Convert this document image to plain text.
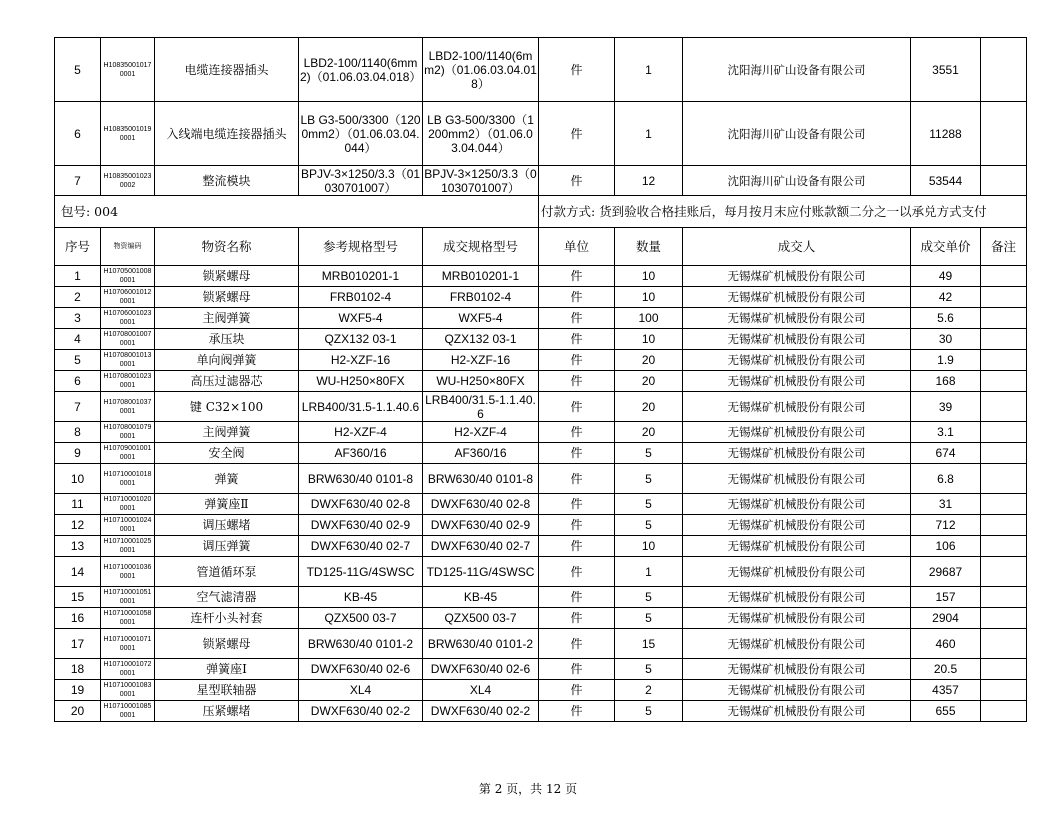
5	H108350010170001	电缆连接器插头	LBD2-100/1140(6mm2)（01.06.03.04.018）	LBD2-100/1140(6mm2)（01.06.03.04.018）	件	1	沈阳海川矿山设备有限公司	3551	
6	H108350010190001	入线端电缆连接器插头	LB G3-500/3300（1200mm2）（01.06.03.04.044）	LB G3-500/3300（1200mm2）（01.06.03.04.044）	件	1	沈阳海川矿山设备有限公司	11288	
7	H108350010230002	整流模块	BPJV-3×1250/3.3（01030701007）	BPJV-3×1250/3.3（01030701007）	件	12	沈阳海川矿山设备有限公司	53544	
包号: 004					付款方式: 货到验收合格挂账后，每月按月末应付账款额二分之一以承兑方式支付				
序号	物资编码	物资名称	参考规格型号	成交规格型号	单位	数量	成交人	成交单价	备注
1	H107050010080001	锁紧螺母	MRB010201-1	MRB010201-1	件	10	无锡煤矿机械股份有限公司	49	
2	H107060010120001	锁紧螺母	FRB0102-4	FRB0102-4	件	10	无锡煤矿机械股份有限公司	42	
3	H107060010230001	主阀弹簧	WXF5-4	WXF5-4	件	100	无锡煤矿机械股份有限公司	5.6	
4	H107080010070001	承压块	QZX132 03-1	QZX132 03-1	件	10	无锡煤矿机械股份有限公司	30	
5	H107080010130001	单向阀弹簧	H2-XZF-16	H2-XZF-16	件	20	无锡煤矿机械股份有限公司	1.9	
6	H107080010230001	高压过滤器芯	WU-H250×80FX	WU-H250×80FX	件	20	无锡煤矿机械股份有限公司	168	
7	H107080010370001	键 C32×100	LRB400/31.5-1.1.40.6	LRB400/31.5-1.1.40.6	件	20	无锡煤矿机械股份有限公司	39	
8	H107080010790001	主阀弹簧	H2-XZF-4	H2-XZF-4	件	20	无锡煤矿机械股份有限公司	3.1	
9	H107090010010001	安全阀	AF360/16	AF360/16	件	5	无锡煤矿机械股份有限公司	674	
10	H107100010180001	弹簧	BRW630/40 0101-8	BRW630/40 0101-8	件	5	无锡煤矿机械股份有限公司	6.8	
11	H107100010200001	弹簧座Ⅱ	DWXF630/40 02-8	DWXF630/40 02-8	件	5	无锡煤矿机械股份有限公司	31	
12	H107100010240001	调压螺堵	DWXF630/40 02-9	DWXF630/40 02-9	件	5	无锡煤矿机械股份有限公司	712	
13	H107100010250001	调压弹簧	DWXF630/40 02-7	DWXF630/40 02-7	件	10	无锡煤矿机械股份有限公司	106	
14	H107100010360001	管道循环泵	TD125-11G/4SWSC	TD125-11G/4SWSC	件	1	无锡煤矿机械股份有限公司	29687	
15	H107100010510001	空气滤清器	KB-45	KB-45	件	5	无锡煤矿机械股份有限公司	157	
16	H107100010580001	连杆小头衬套	QZX500 03-7	QZX500 03-7	件	5	无锡煤矿机械股份有限公司	2904	
17	H107100010710001	锁紧螺母	BRW630/40 0101-2	BRW630/40 0101-2	件	15	无锡煤矿机械股份有限公司	460	
18	H107100010720001	弹簧座Ⅰ	DWXF630/40 02-6	DWXF630/40 02-6	件	5	无锡煤矿机械股份有限公司	20.5	
19	H107100010830001	星型联轴器	XL4	XL4	件	2	无锡煤矿机械股份有限公司	4357	
20	H107100010850001	压紧螺堵	DWXF630/40 02-2	DWXF630/40 02-2	件	5	无锡煤矿机械股份有限公司	655	
第 2 页，共 12 页
